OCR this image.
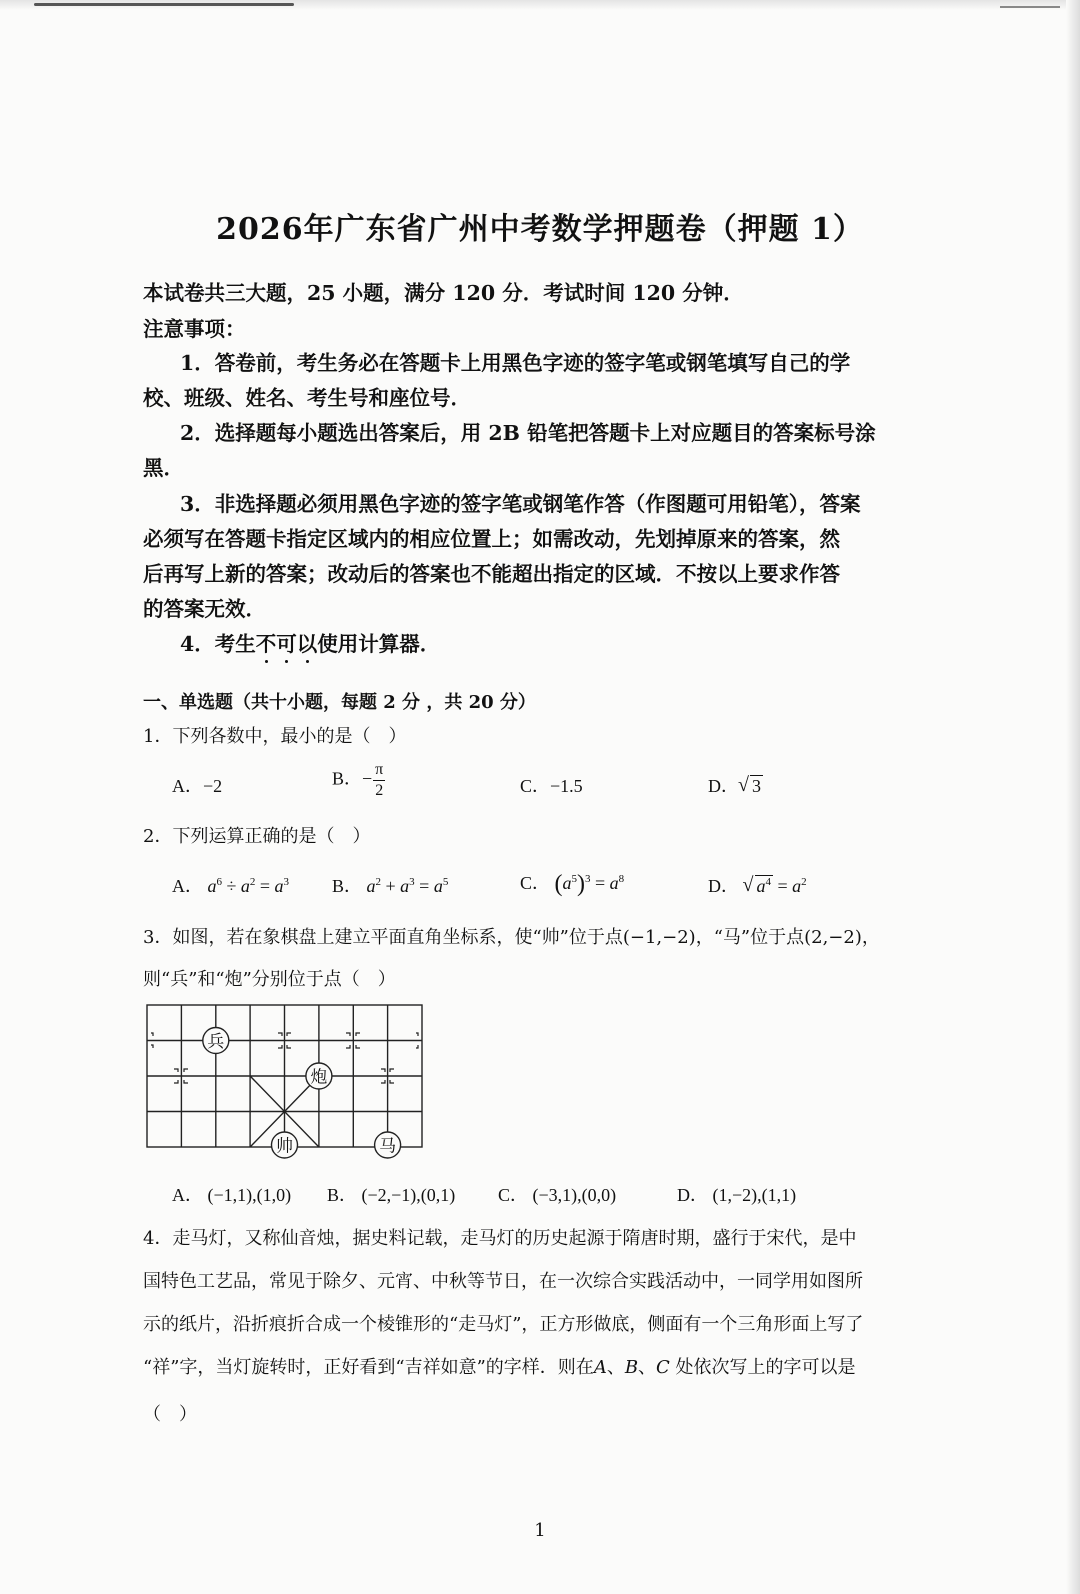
2026年广东省广州中考数学押题卷（押题 1）
本试卷共三大题，25 小题，满分 120 分．考试时间 120 分钟．
注意事项：
1．答卷前，考生务必在答题卡上用黑色字迹的签字笔或钢笔填写自己的学
校、班级、姓名、考生号和座位号．
2．选择题每小题选出答案后，用 2B 铅笔把答题卡上对应题目的答案标号涂
黑．
3．非选择题必须用黑色字迹的签字笔或钢笔作答（作图题可用铅笔），答案
必须写在答题卡指定区域内的相应位置上；如需改动，先划掉原来的答案，然
后再写上新的答案；改动后的答案也不能超出指定的区域．不按以上要求作答
的答案无效．
4．考生不可以使用计算器．
一、单选题（共十小题，每题 2 分 ，共 20 分）
1．下列各数中，最小的是（　）
A．−2	B．− $\frac{\pi}{2}$	C．−1.5	D． √ 3
2．下列运算正确的是（　）
A． $a^6 \div a^2 = a^3$ B． $a^2 + a^3 = a^5$	C． $(a^5)^3 = a^8$	D． √ $a^4 = a^2$
3．如图，若在象棋盘上建立平面直角坐标系，使“帅”位于点(−1,−2)，“马”位于点(2,−2)，
则“兵”和“炮”分别位于点（　）
兵
炮
帅	马
A． (−1,1),(1,0) B． (−2,−1),(0,1) C． (−3,1),(0,0)	D． (1,−2),(1,1)
4．走马灯，又称仙音烛，据史料记载，走马灯的历史起源于隋唐时期，盛行于宋代，是中
国特色工艺品，常见于除夕、元宵、中秋等节日，在一次综合实践活动中，一同学用如图所
示的纸片，沿折痕折合成一个棱锥形的“走马灯”，正方形做底，侧面有一个三角形面上写了
“祥”字，当灯旋转时，正好看到“吉祥如意”的字样．则在A、B、C 处依次写上的字可以是
（　）
1
